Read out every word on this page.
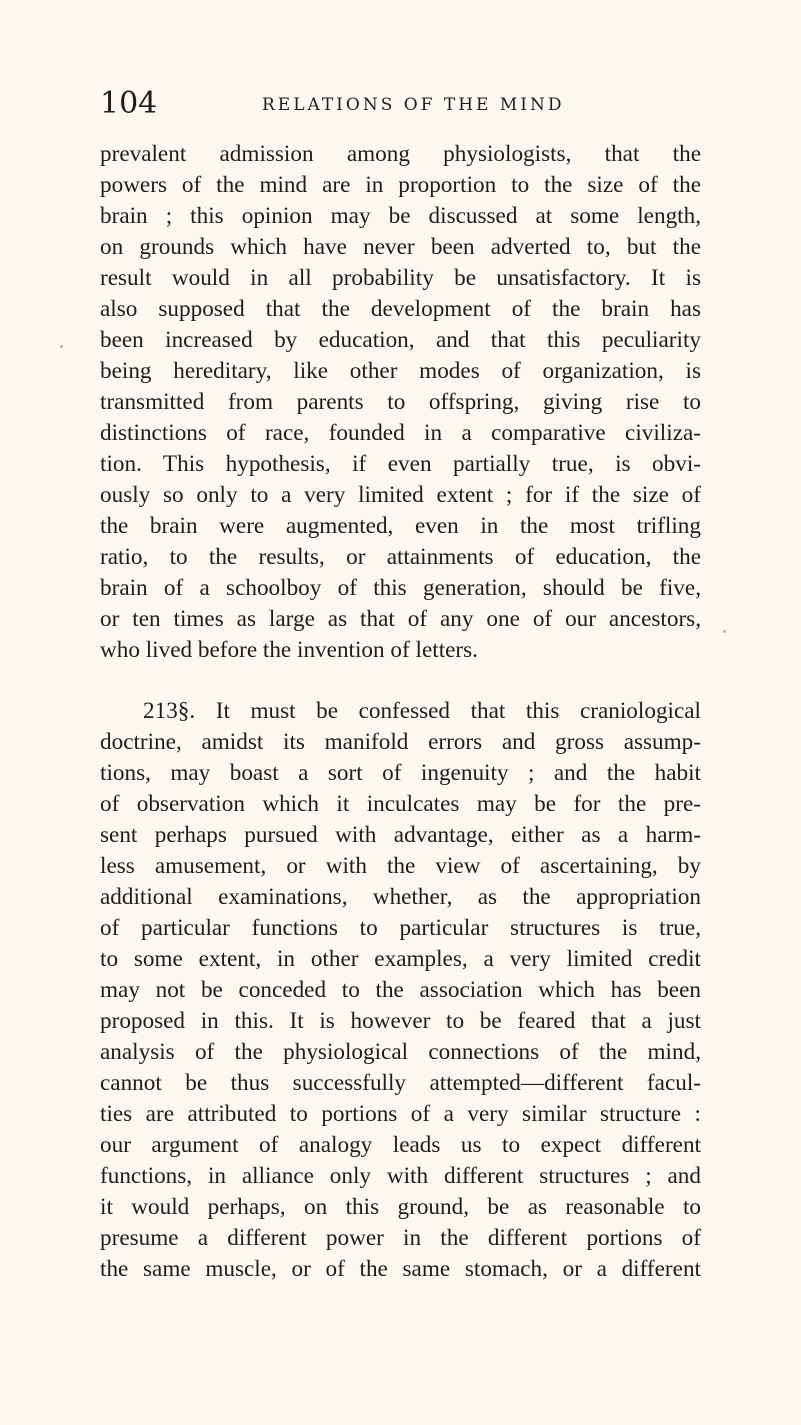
104	RELATIONS OF THE MIND
prevalent admission among physiologists, that the
powers of the mind are in proportion to the size of the
brain ; this opinion may be discussed at some length,
on grounds which have never been adverted to, but the
result would in all probability be unsatisfactory. It is
also supposed that the development of the brain has
been increased by education, and that this peculiarity
being hereditary, like other modes of organization, is
transmitted from parents to offspring, giving rise to
distinctions of race, founded in a comparative civiliza-
tion. This hypothesis, if even partially true, is obvi-
ously so only to a very limited extent ; for if the size of
the brain were augmented, even in the most trifling
ratio, to the results, or attainments of education, the
brain of a schoolboy of this generation, should be five,
or ten times as large as that of any one of our ancestors,
who lived before the invention of letters.
213§. It must be confessed that this craniological
doctrine, amidst its manifold errors and gross assump-
tions, may boast a sort of ingenuity ; and the habit
of observation which it inculcates may be for the pre-
sent perhaps pursued with advantage, either as a harm-
less amusement, or with the view of ascertaining, by
additional examinations, whether, as the appropriation
of particular functions to particular structures is true,
to some extent, in other examples, a very limited credit
may not be conceded to the association which has been
proposed in this. It is however to be feared that a just
analysis of the physiological connections of the mind,
cannot be thus successfully attempted—different facul-
ties are attributed to portions of a very similar structure :
our argument of analogy leads us to expect different
functions, in alliance only with different structures ; and
it would perhaps, on this ground, be as reasonable to
presume a different power in the different portions of
the same muscle, or of the same stomach, or a different
